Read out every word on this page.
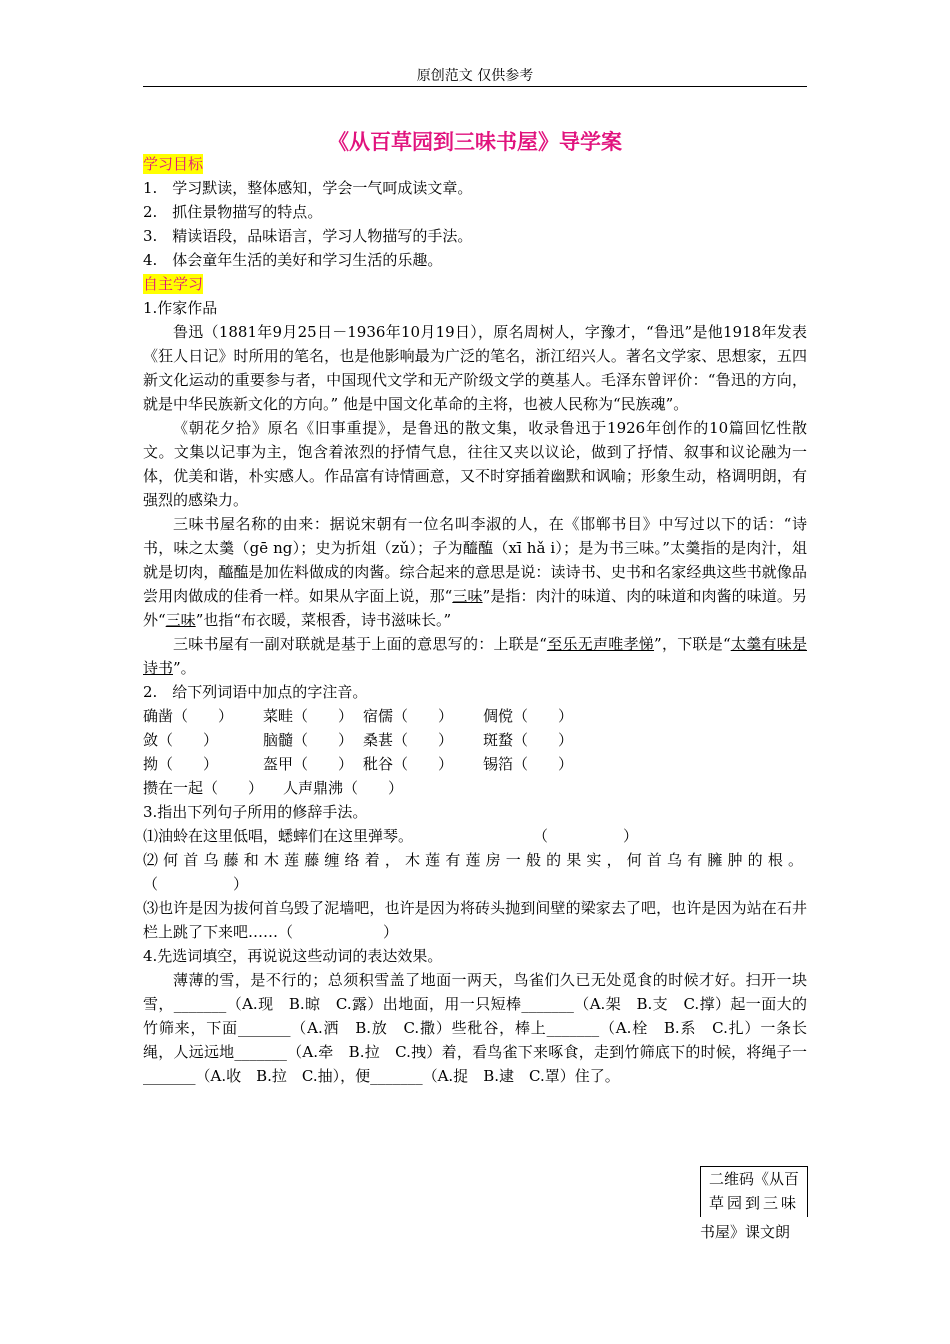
原创范文 仅供参考
《从百草园到三味书屋》导学案
学习目标
1.　学习默读，整体感知，学会一气呵成读文章。
2.　抓住景物描写的特点。
3.　精读语段，品味语言，学习人物描写的手法。
4.　体会童年生活的美好和学习生活的乐趣。
自主学习
1.作家作品

鲁迅（1881年9月25日－1936年10月19日），原名周树人，字豫才，“鲁迅”是他1918年发表《狂人日记》时所用的笔名，也是他影响最为广泛的笔名，浙江绍兴人。著名文学家、思想家，五四新文化运动的重要参与者，中国现代文学和无产阶级文学的奠基人。毛泽东曾评价：“鲁迅的方向，就是中华民族新文化的方向。” 他是中国文化革命的主将，也被人民称为“民族魂”。

《朝花夕拾》原名《旧事重提》，是鲁迅的散文集，收录鲁迅于1926年创作的10篇回忆性散文。文集以记事为主，饱含着浓烈的抒情气息，往往又夹以议论，做到了抒情、叙事和议论融为一体，优美和谐，朴实感人。作品富有诗情画意，又不时穿插着幽默和讽喻；形象生动，格调明朗，有强烈的感染力。

三味书屋名称的由来：据说宋朝有一位名叫李淑的人，在《邯郸书目》中写过以下的话：“诗书，味之太羹（gē ng）；史为折俎（zǔ）；子为醯醢（xī hǎ i）；是为书三味。”太羹指的是肉汁，俎就是切肉，醯醢是加佐料做成的肉酱。综合起来的意思是说：读诗书、史书和名家经典这些书就像品尝用肉做成的佳肴一样。如果从字面上说，那“三味”是指：肉汁的味道、肉的味道和肉酱的味道。另外“三味”也指“布衣暖，菜根香，诗书滋味长。”

三味书屋有一副对联就是基于上面的意思写的：上联是“至乐无声唯孝悌”，下联是“太羹有味是诗书”。

2.　给下列词语中加点的字注音。
确凿（　　）	菜畦（　　） 宿儒（　　）	倜傥（　　）
敛（　　）	脑髓（　　） 桑葚（　　）	斑蝥（　　）
拗（　　）	盔甲（　　） 秕谷（　　）	锡箔（　　）
攒在一起（　　）	人声鼎沸（　　）
3.指出下列句子所用的修辞手法。
⑴油蛉在这里低唱，蟋蟀们在这里弹琴。	（　　　　　）
⑵何首乌藤和木莲藤缠络着，木莲有莲房一般的果实，何首乌有臃肿的根。
（　　　　　）
⑶也许是因为拔何首乌毁了泥墙吧，也许是因为将砖头抛到间壁的梁家去了吧，也许是因为站在石井栏上跳了下来吧……（　　　　　　）
4.先选词填空，再说说这些动词的表达效果。

薄薄的雪，是不行的；总须积雪盖了地面一两天，鸟雀们久已无处觅食的时候才好。扫开一块雪，_______（A.现　B.晾　C.露）出地面，用一只短棒_______（A.架　B.支　C.撑）起一面大的竹筛来，下面_______（A.洒　B.放　C.撒）些秕谷，棒上_______（A.栓　B.系　C.扎）一条长绳，人远远地_______（A.牵　B.拉　C.拽）着，看鸟雀下来啄食，走到竹筛底下的时候，将绳子一_______（A.收　B.拉　C.抽），便_______（A.捉　B.逮　C.罩）住了。

二维码《从百
草园到三味
书屋》课文朗
